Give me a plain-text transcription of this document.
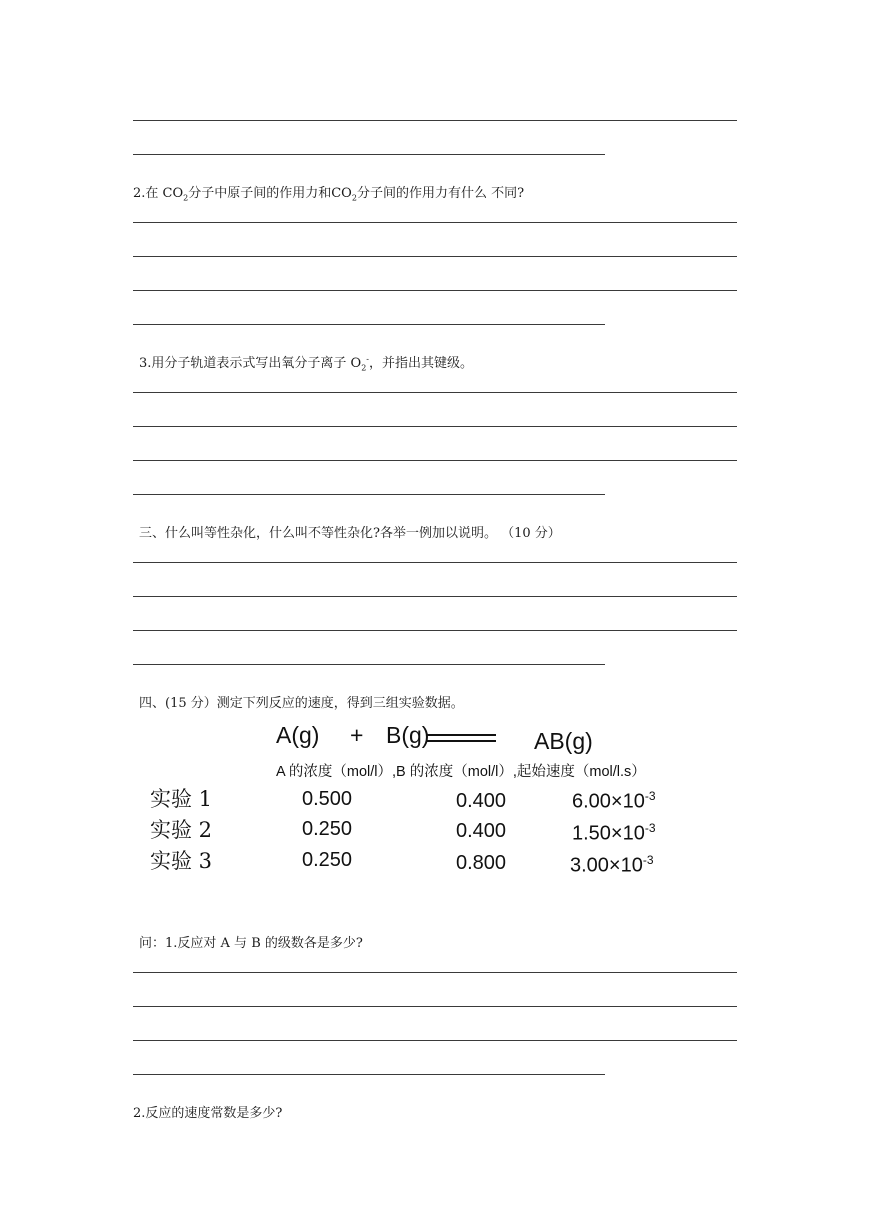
2.在 $CO_2$分子中原子间的作用力和$CO_2$分子间的作用力有什么 不同?
3.用分子轨道表示式写出氧分子离子 $O_2^-$，并指出其键级。
三、什么叫等性杂化，什么叫不等性杂化?各举一例加以说明。 （10 分）
四、(15 分）测定下列反应的速度，得到三组实验数据。
A(g) + B(g)	AB(g)
A 的浓度（mol/l）,B 的浓度（mol/l）,起始速度（mol/l.s）
实验 1	0.500	0.400	$6.00\times 10^{-3}$
实验 2	0.250	0.400	$1.50\times 10^{-3}$
实验 3	0.250	0.800	$3.00\times 10^{-3}$
问：1.反应对 A 与 B 的级数各是多少?
2.反应的速度常数是多少?
